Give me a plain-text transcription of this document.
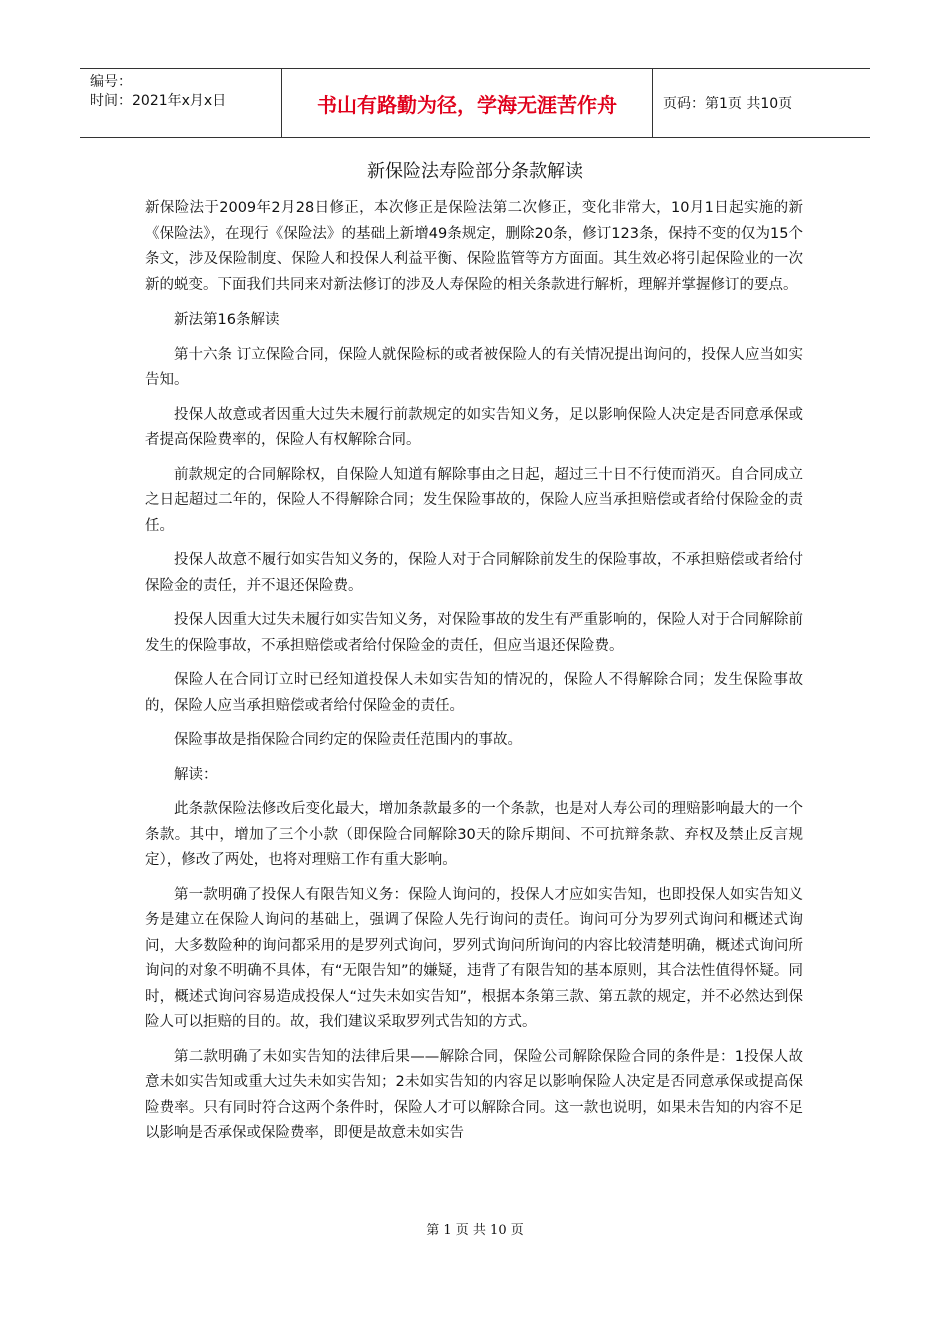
编号：
时间：2021年x月x日	书山有路勤为径，学海无涯苦作舟	页码：第1页 共10页
新保险法寿险部分条款解读

新保险法于2009年2月28日修正，本次修正是保险法第二次修正，变化非常大，10月1日起实施的新《保险法》，在现行《保险法》的基础上新增49条规定，删除20条，修订123条，保持不变的仅为15个条文，涉及保险制度、保险人和投保人利益平衡、保险监管等方方面面。其生效必将引起保险业的一次新的蜕变。下面我们共同来对新法修订的涉及人寿保险的相关条款进行解析，理解并掌握修订的要点。

新法第16条解读

第十六条 订立保险合同，保险人就保险标的或者被保险人的有关情况提出询问的，投保人应当如实告知。

投保人故意或者因重大过失未履行前款规定的如实告知义务，足以影响保险人决定是否同意承保或者提高保险费率的，保险人有权解除合同。

前款规定的合同解除权，自保险人知道有解除事由之日起，超过三十日不行使而消灭。自合同成立之日起超过二年的，保险人不得解除合同；发生保险事故的，保险人应当承担赔偿或者给付保险金的责任。

投保人故意不履行如实告知义务的，保险人对于合同解除前发生的保险事故，不承担赔偿或者给付保险金的责任，并不退还保险费。

投保人因重大过失未履行如实告知义务，对保险事故的发生有严重影响的，保险人对于合同解除前发生的保险事故，不承担赔偿或者给付保险金的责任，但应当退还保险费。

保险人在合同订立时已经知道投保人未如实告知的情况的，保险人不得解除合同；发生保险事故的，保险人应当承担赔偿或者给付保险金的责任。

保险事故是指保险合同约定的保险责任范围内的事故。

解读：

此条款保险法修改后变化最大，增加条款最多的一个条款，也是对人寿公司的理赔影响最大的一个条款。其中，增加了三个小款（即保险合同解除30天的除斥期间、不可抗辩条款、弃权及禁止反言规定），修改了两处，也将对理赔工作有重大影响。

第一款明确了投保人有限告知义务：保险人询问的，投保人才应如实告知，也即投保人如实告知义务是建立在保险人询问的基础上，强调了保险人先行询问的责任。询问可分为罗列式询问和概述式询问，大多数险种的询问都采用的是罗列式询问，罗列式询问所询问的内容比较清楚明确，概述式询问所询问的对象不明确不具体，有“无限告知”的嫌疑，违背了有限告知的基本原则，其合法性值得怀疑。同时，概述式询问容易造成投保人“过失未如实告知”，根据本条第三款、第五款的规定，并不必然达到保险人可以拒赔的目的。故，我们建议采取罗列式告知的方式。

第二款明确了未如实告知的法律后果——解除合同，保险公司解除保险合同的条件是：1投保人故意未如实告知或重大过失未如实告知；2未如实告知的内容足以影响保险人决定是否同意承保或提高保险费率。只有同时符合这两个条件时，保险人才可以解除合同。这一款也说明，如果未告知的内容不足以影响是否承保或保险费率，即便是故意未如实告

第 1 页 共 10 页
